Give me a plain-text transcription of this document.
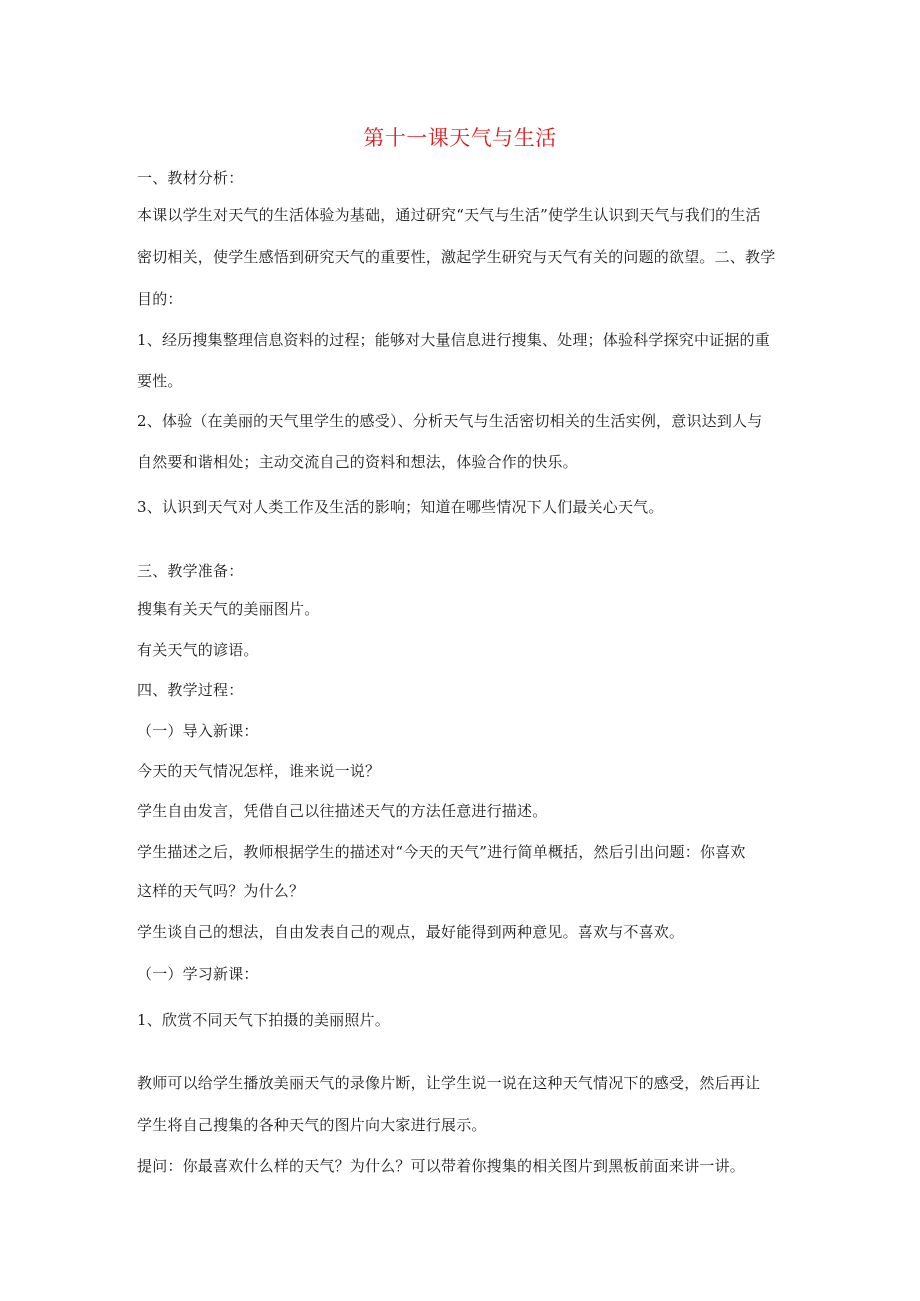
第十一课天气与生活
一、教材分析：
本课以学生对天气的生活体验为基础，通过研究“天气与生活”使学生认识到天气与我们的生活
密切相关，使学生感悟到研究天气的重要性，激起学生研究与天气有关的问题的欲望。二、教学
目的：
1、经历搜集整理信息资料的过程；能够对大量信息进行搜集、处理；体验科学探究中证据的重
要性。
2、体验（在美丽的天气里学生的感受）、分析天气与生活密切相关的生活实例，意识达到人与
自然要和谐相处；主动交流自己的资料和想法，体验合作的快乐。
3、认识到天气对人类工作及生活的影响；知道在哪些情况下人们最关心天气。
三、教学准备：
搜集有关天气的美丽图片。
有关天气的谚语。
四、教学过程：
（一）导入新课：
今天的天气情况怎样，谁来说一说？
学生自由发言，凭借自己以往描述天气的方法任意进行描述。
学生描述之后，教师根据学生的描述对“今天的天气”进行简单概括，然后引出问题：你喜欢
这样的天气吗？为什么？
学生谈自己的想法，自由发表自己的观点，最好能得到两种意见。喜欢与不喜欢。
（一）学习新课：
1、欣赏不同天气下拍摄的美丽照片。
教师可以给学生播放美丽天气的录像片断，让学生说一说在这种天气情况下的感受，然后再让
学生将自己搜集的各种天气的图片向大家进行展示。
提问：你最喜欢什么样的天气？为什么？可以带着你搜集的相关图片到黑板前面来讲一讲。
